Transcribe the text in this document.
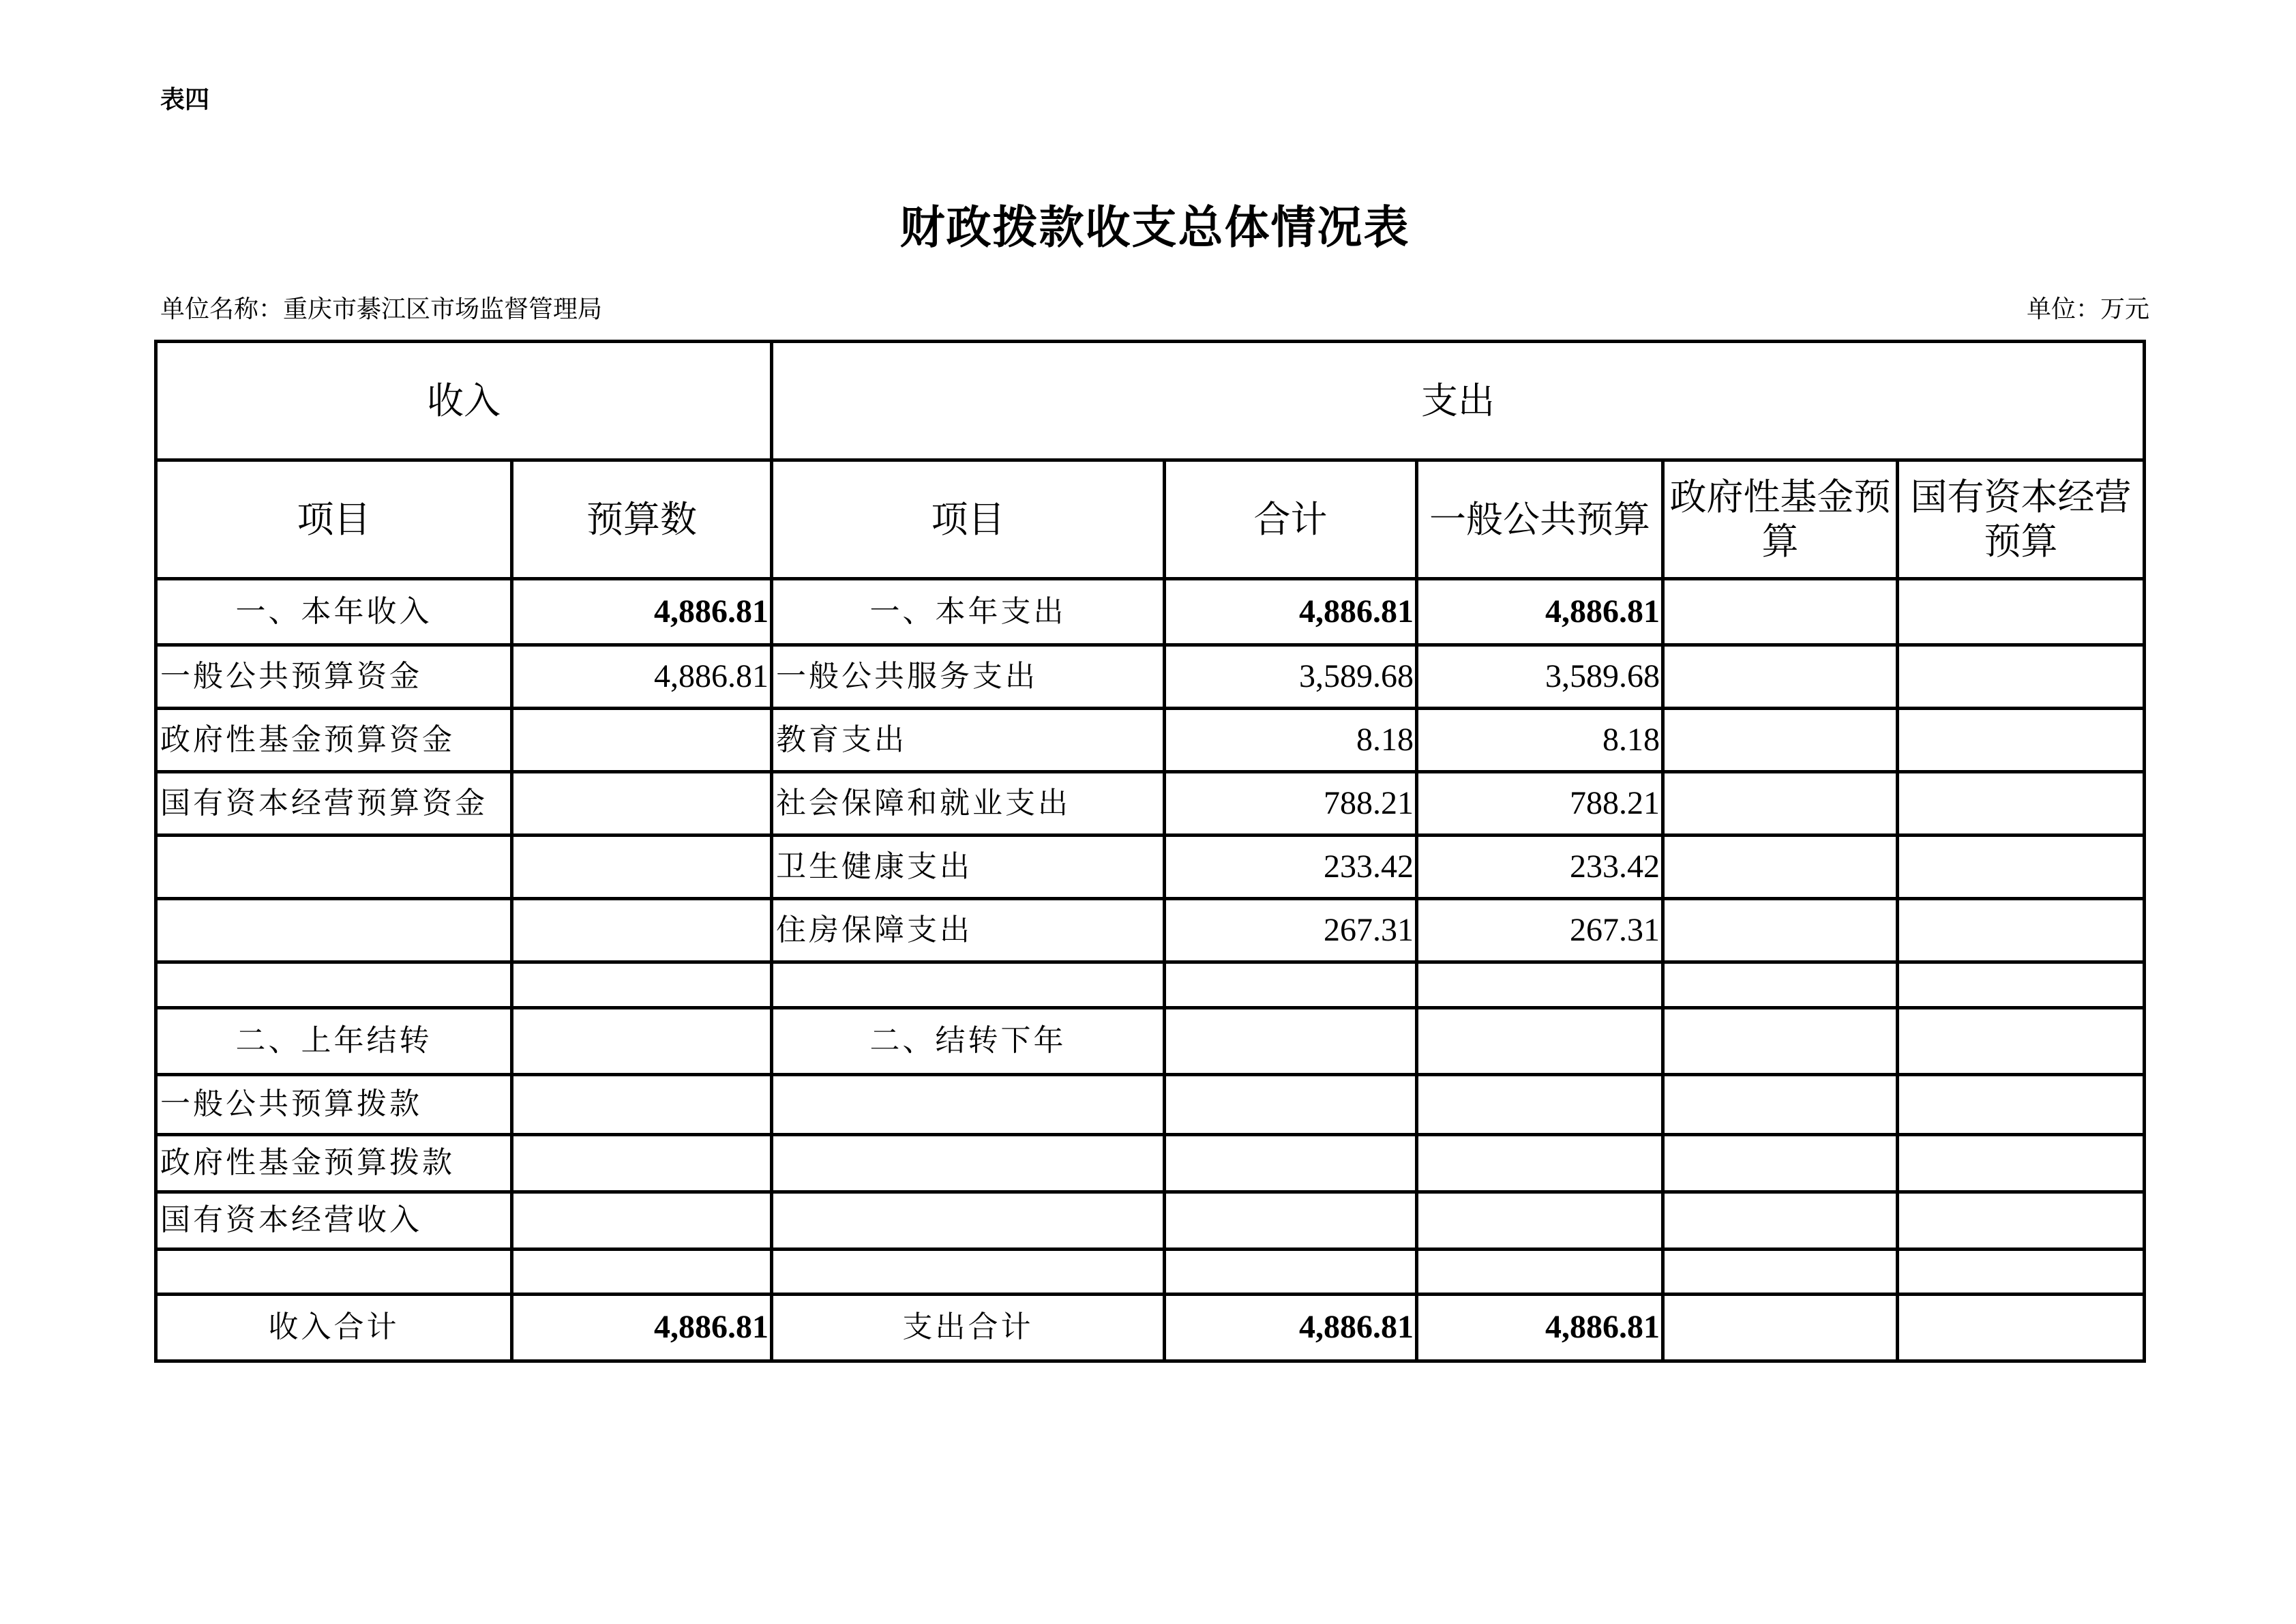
表四
财政拨款收支总体情况表
单位名称：重庆市綦江区市场监督管理局	单位：万元
收入		支出				
项目	预算数	项目	合计	一般公共预算	政府性基金预算	国有资本经营预算
一、本年收入	4,886.81	一、本年支出	4,886.81	4,886.81		
一般公共预算资金	4,886.81	一般公共服务支出	3,589.68	3,589.68		
政府性基金预算资金		教育支出	8.18	8.18		
国有资本经营预算资金		社会保障和就业支出	788.21	788.21		
		卫生健康支出	233.42	233.42		
		住房保障支出	267.31	267.31		

二、上年结转		二、结转下年				
一般公共预算拨款						
政府性基金预算拨款						
国有资本经营收入						

收入合计	4,886.81	支出合计	4,886.81	4,886.81		
